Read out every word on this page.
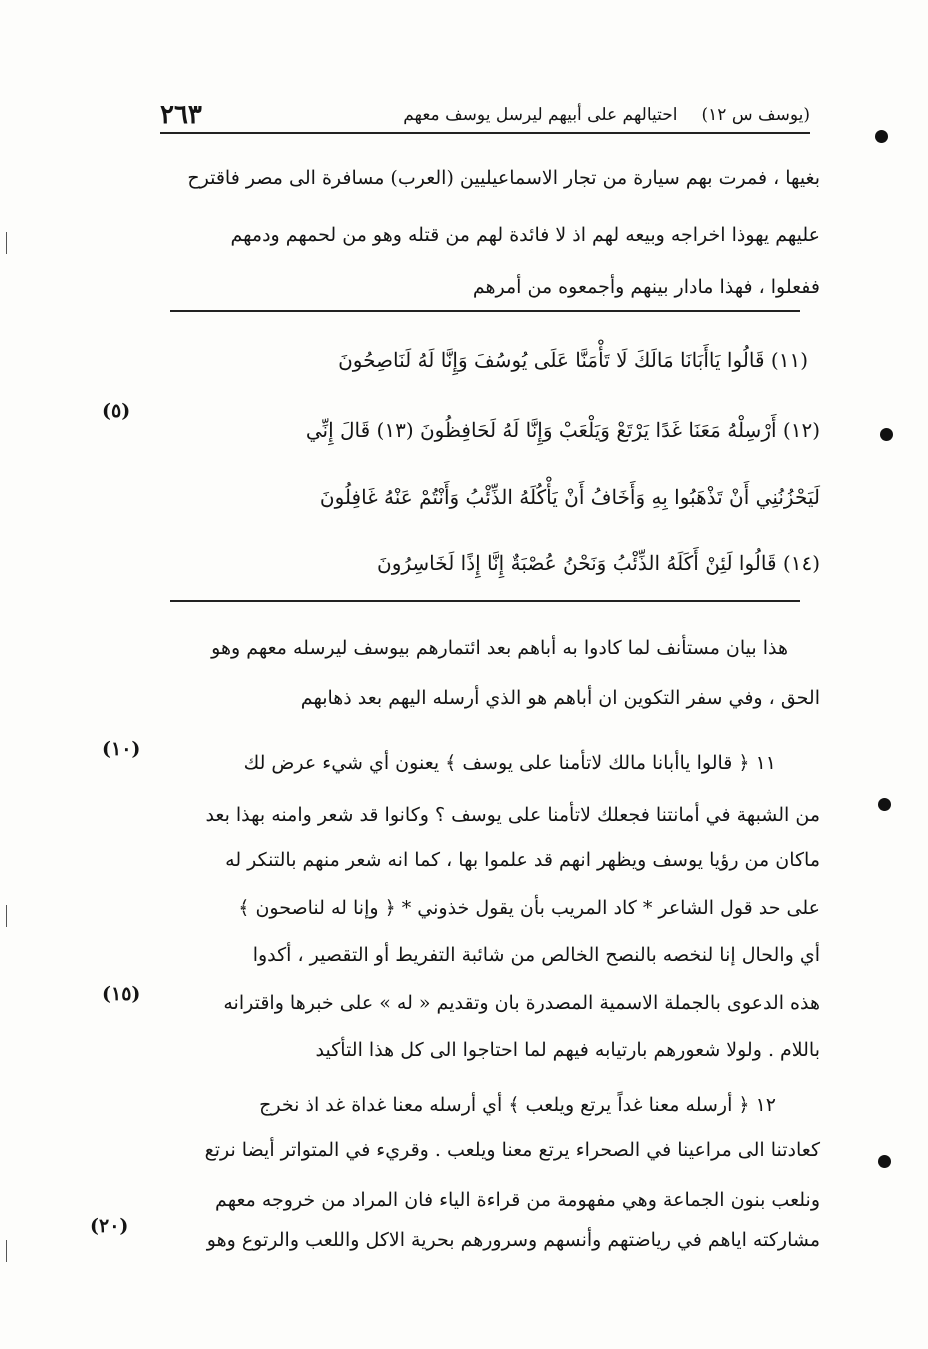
(يوسف س ١٢)
احتيالهم على أبيهم ليرسل يوسف معهم
٢٦٣
بغيها ، فمرت بهم سيارة من تجار الاسماعيليين (العرب) مسافرة الى مصر فاقترح
عليهم يهوذا اخراجه وبيعه لهم اذ لا فائدة لهم من قتله وهو من لحمهم ودمهم
ففعلوا ، فهذا مادار بينهم وأجمعوه من أمرهم
(١١) قَالُوا يَاأَبَانَا مَالَكَ لَا تَأْمَنَّا عَلَى يُوسُفَ وَإِنَّا لَهُ لَنَاصِحُونَ
(١٢) أَرْسِلْهُ مَعَنَا غَدًا يَرْتَعْ وَيَلْعَبْ وَإِنَّا لَهُ لَحَافِظُونَ (١٣) قَالَ إِنِّي
لَيَحْزُنُنِي أَنْ تَذْهَبُوا بِهِ وَأَخَافُ أَنْ يَأْكُلَهُ الذِّئْبُ وَأَنْتُمْ عَنْهُ غَافِلُونَ
(١٤) قَالُوا لَئِنْ أَكَلَهُ الذِّئْبُ وَنَحْنُ عُصْبَةٌ إِنَّا إِذًا لَخَاسِرُونَ
هذا بيان مستأنف لما كادوا به أباهم بعد ائتمارهم بيوسف ليرسله معهم وهو
الحق ، وفي سفر التكوين ان أباهم هو الذي أرسله اليهم بعد ذهابهم
١١ ﴿ قالوا ياأبانا مالك لاتأمنا على يوسف ﴾ يعنون أي شيء عرض لك
من الشبهة في أمانتنا فجعلك لاتأمنا على يوسف ؟ وكانوا قد شعر وامنه بهذا بعد
ماكان من رؤيا يوسف ويظهر انهم قد علموا بها ، كما انه شعر منهم بالتنكر له
على حد قول الشاعر * كاد المريب بأن يقول خذوني * ﴿ وإنا له لناصحون ﴾
أي والحال إنا لنخصه بالنصح الخالص من شائبة التفريط أو التقصير ، أكدوا
هذه الدعوى بالجملة الاسمية المصدرة بان وتقديم « له » على خبرها واقترانه
باللام . ولولا شعورهم بارتيابه فيهم لما احتاجوا الى كل هذا التأكيد
١٢ ﴿ أرسله معنا غداً يرتع ويلعب ﴾ أي أرسله معنا غداة غد اذ نخرج
كعادتنا الى مراعينا في الصحراء يرتع معنا ويلعب . وقريء في المتواتر أيضا نرتع
ونلعب بنون الجماعة وهي مفهومة من قراءة الياء فان المراد من خروجه معهم
مشاركته اياهم في رياضتهم وأنسهم وسرورهم بحرية الاكل واللعب والرتوع وهو
(٥)
(١٠)
(١٥)
(٢٠)
